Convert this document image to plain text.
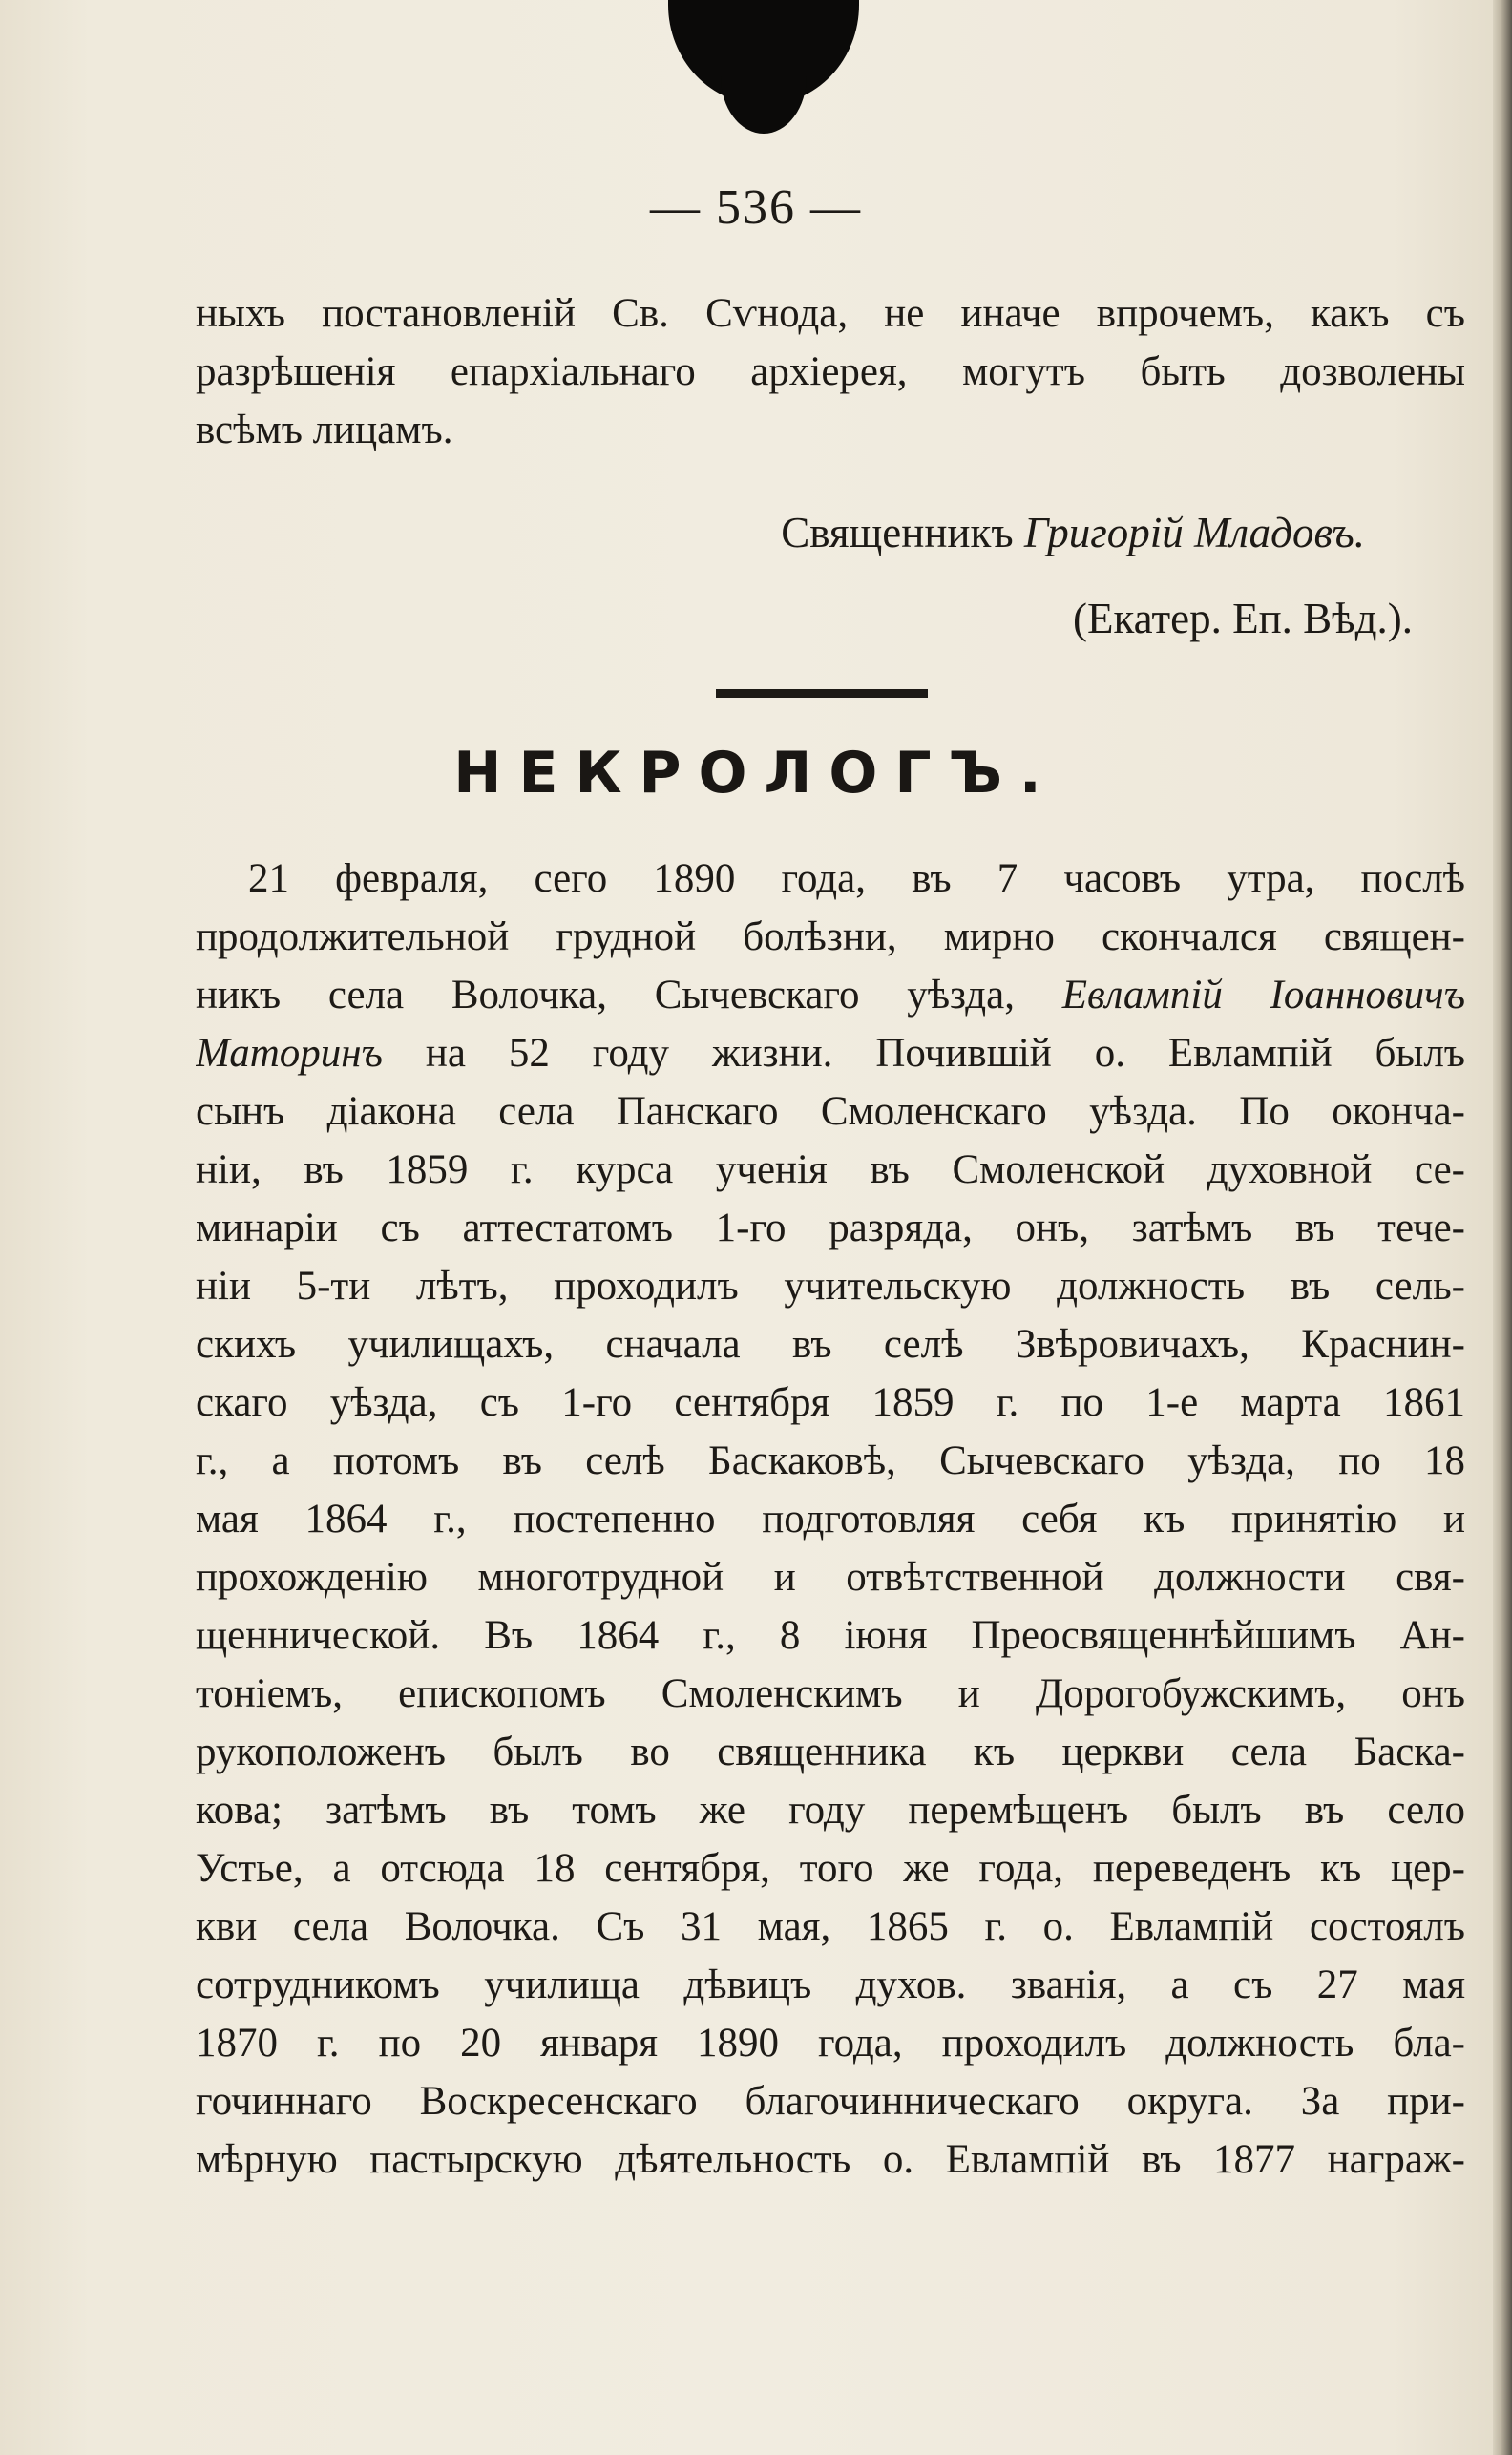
— 536 —
ныхъ постановленій Св. Сѵнода, не иначе впрочемъ, какъ съ
разрѣшенія епархіальнаго архіерея, могутъ быть дозволены
всѣмъ лицамъ.
Священникъ Григорій Младовъ.
(Екатер. Еп. Вѣд.).
НЕКРОЛОГЪ.
21 февраля, сего 1890 года, въ 7 часовъ утра, послѣ
продолжительной грудной болѣзни, мирно скончался священ-
никъ села Волочка, Сычевскаго уѣзда, Евлампій Іоанновичъ
Маторинъ на 52 году жизни. Почившій о. Евлампій былъ
сынъ діакона села Панскаго Смоленскаго уѣзда. По оконча-
ніи, въ 1859 г. курса ученія въ Смоленской духовной се-
минаріи съ аттестатомъ 1-го разряда, онъ, затѣмъ въ тече-
ніи 5-ти лѣтъ, проходилъ учительскую должность въ сель-
скихъ училищахъ, сначала въ селѣ Звѣровичахъ, Краснин-
скаго уѣзда, съ 1-го сентября 1859 г. по 1-е марта 1861
г., а потомъ въ селѣ Баскаковѣ, Сычевскаго уѣзда, по 18
мая 1864 г., постепенно подготовляя себя къ принятію и
прохожденію многотрудной и отвѣтственной должности свя-
щеннической. Въ 1864 г., 8 іюня Преосвященнѣйшимъ Ан-
тоніемъ, епископомъ Смоленскимъ и Дорогобужскимъ, онъ
рукоположенъ былъ во священника къ церкви села Баска-
кова; затѣмъ въ томъ же году перемѣщенъ былъ въ село
Устье, а отсюда 18 сентября, того же года, переведенъ къ цер-
кви села Волочка. Съ 31 мая, 1865 г. о. Евлампій состоялъ
сотрудникомъ училища дѣвицъ духов. званія, а съ 27 мая
1870 г. по 20 января 1890 года, проходилъ должность бла-
гочиннаго Воскресенскаго благочинническаго округа. За при-
мѣрную пастырскую дѣятельность о. Евлампій въ 1877 награж-
